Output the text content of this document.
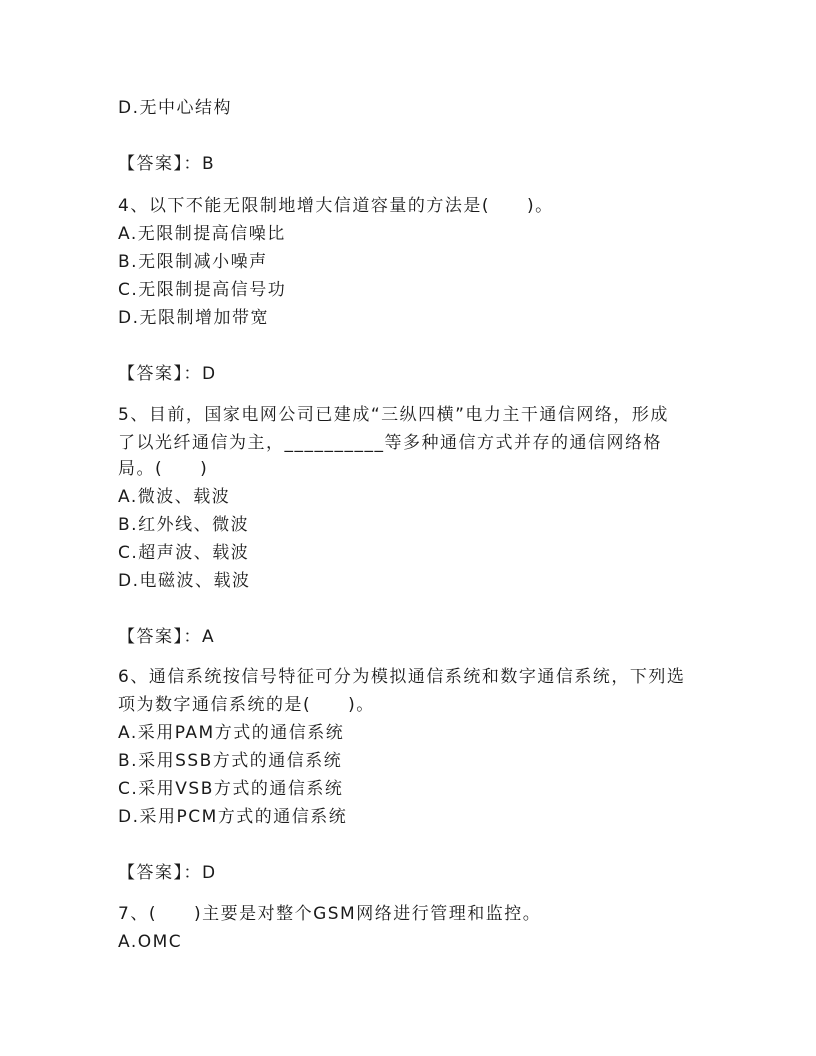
D.无中心结构
【答案】：B
4、以下不能无限制地增大信道容量的方法是(　　)。
A.无限制提高信噪比
B.无限制减小噪声
C.无限制提高信号功
D.无限制增加带宽
【答案】：D
5、目前，国家电网公司已建成“三纵四横”电力主干通信网络，形成
了以光纤通信为主，__________等多种通信方式并存的通信网络格
局。(　　)
A.微波、载波
B.红外线、微波
C.超声波、载波
D.电磁波、载波
【答案】：A
6、通信系统按信号特征可分为模拟通信系统和数字通信系统，下列选
项为数字通信系统的是(　　)。
A.采用PAM方式的通信系统
B.采用SSB方式的通信系统
C.采用VSB方式的通信系统
D.采用PCM方式的通信系统
【答案】：D
7、(　　)主要是对整个GSM网络进行管理和监控。
A.OMC
